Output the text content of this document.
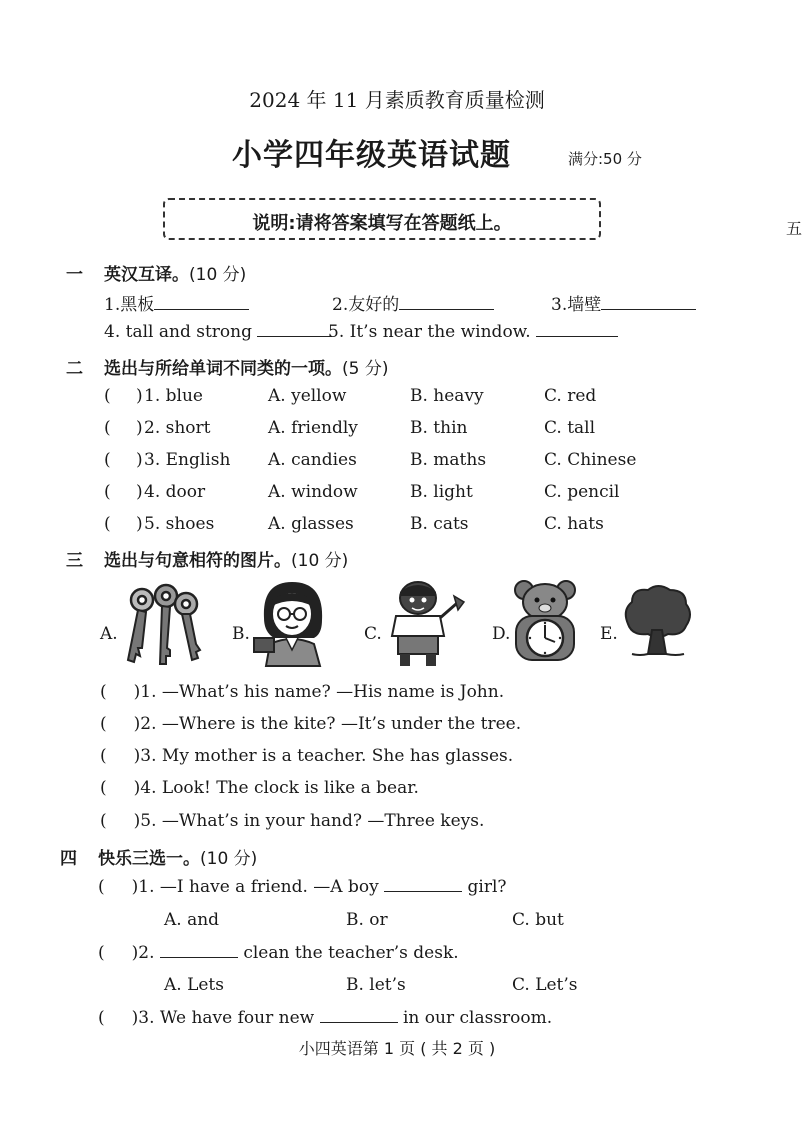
2024 年 11 月素质教育质量检测
小学四年级英语试题	满分:50 分
说明:请将答案填写在答题纸上。	五
一 英汉互译。(10 分)
1.黑板	2.友好的	3.墙壁
4. tall and strong	5. It’s near the window.
二 选出与所给单词不同类的一项。(5 分)
( ) 1. blue	A. yellow	B. heavy	C. red
( ) 2. short	A. friendly	B. thin	C. tall
( ) 3. English A. candies	B. maths	C. Chinese
( ) 4. door	A. window	B. light	C. pencil
( ) 5. shoes	A. glasses	B. cats	C. hats
三 选出与句意相符的图片。(10 分)
A.	B.	C.	D.	E.
(     )1. —What’s his name? —His name is John.
(     )2. —Where is the kite? —It’s under the tree.
(     )3. My mother is a teacher. She has glasses.
(     )4. Look! The clock is like a bear.
(     )5. —What’s in your hand? —Three keys.
四 快乐三选一。(10 分)
(     )1. —I have a friend. —A boy	girl?
A. and	B. or	C. but
(     )2.	clean the teacher’s desk.
A. Lets	B. let’s	C. Let’s
(     )3. We have four new	in our classroom.
小四英语第 1 页 ( 共 2 页 )
